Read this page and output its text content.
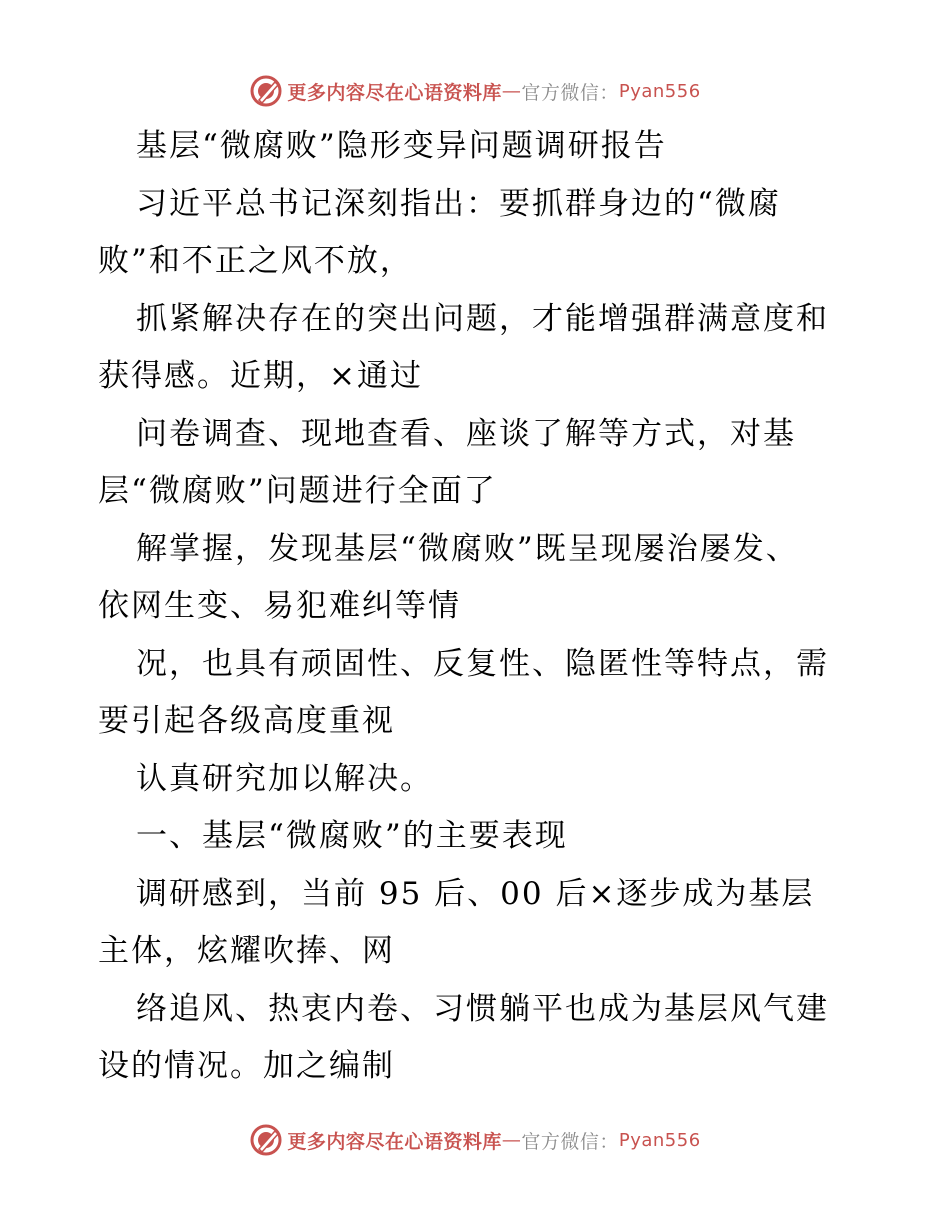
更多内容尽在心语资料库 — 官方微信： Pyan556
基层“微腐败”隐形变异问题调研报告
习近平总书记深刻指出：要抓群身边的“微腐
败”和不正之风不放，
抓紧解决存在的突出问题，才能增强群满意度和
获得感。近期，×通过
问卷调查、现地查看、座谈了解等方式，对基
层“微腐败”问题进行全面了
解掌握，发现基层“微腐败”既呈现屡治屡发、
依网生变、易犯难纠等情
况，也具有顽固性、反复性、隐匿性等特点，需
要引起各级高度重视
认真研究加以解决。
一、基层“微腐败”的主要表现
调研感到，当前 95 后、00 后×逐步成为基层
主体，炫耀吹捧、网
络追风、热衷内卷、习惯躺平也成为基层风气建
设的情况。加之编制
更多内容尽在心语资料库 — 官方微信： Pyan556
